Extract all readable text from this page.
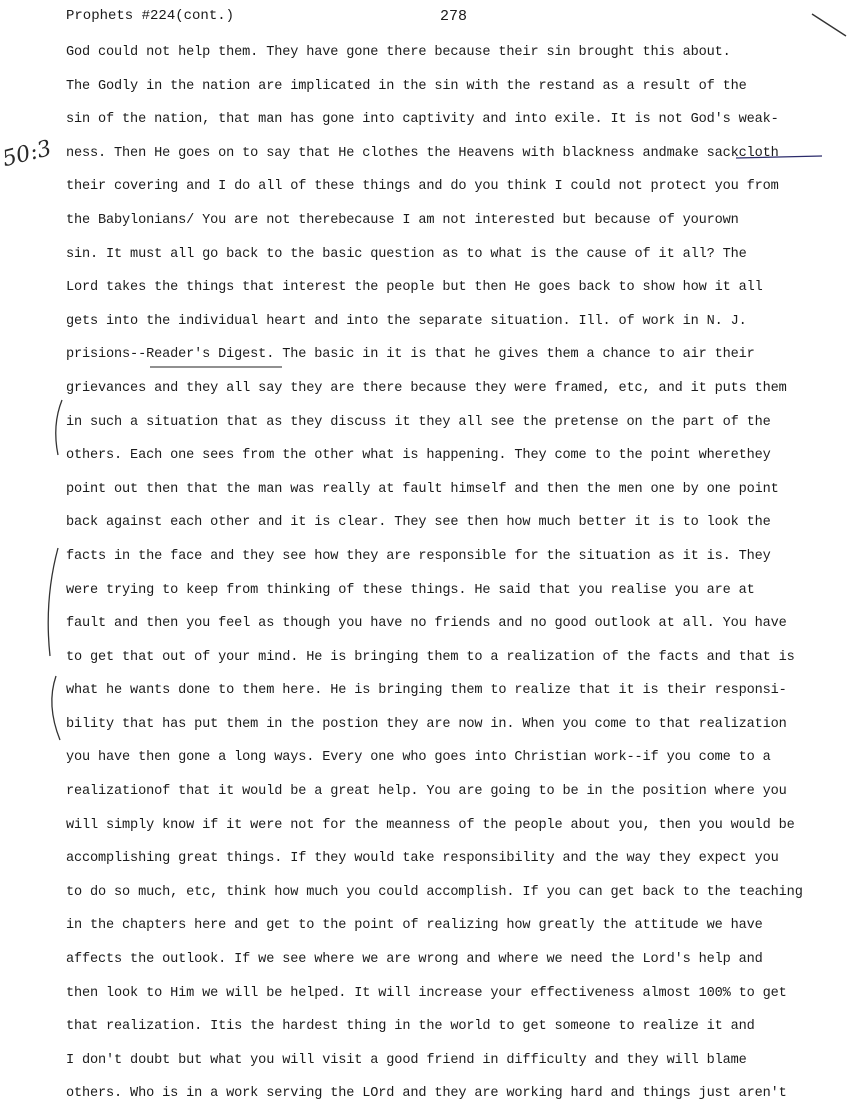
Prophets #224(cont.)	278
50:3
God could not help them. They have gone there because their sin brought this about.
The Godly in the nation are implicated in the sin with the restand as a result of the
sin of the nation, that man has gone into captivity and into exile. It is not God's weak-
ness. Then He goes on to say that He clothes the Heavens with blackness andmake sackcloth
their covering and I do all of these things and do you think I could not protect you from
the Babylonians/ You are not therebecause I am not interested but because of yourown
sin. It must all go back to the basic question as to what is the cause of it all? The
Lord takes the things that interest the people but then He goes back to show how it all
gets into the individual heart and into the separate situation. Ill. of work in N. J.
prisions--Reader's Digest. The basic in it is that he gives them a chance to air their
grievances and they all say they are there because they were framed, etc, and it puts them
in such a situation that as they discuss it they all see the pretense on the part of the
others. Each one sees from the other what is happening. They come to the point wherethey
point out then that the man was really at fault himself and then the men one by one point
back against each other and it is clear. They see then how much better it is to look the
facts in the face and they see how they are responsible for the situation as it is. They
were trying to keep from thinking of these things. He said that you realise you are at
fault and then you feel as though you have no friends and no good outlook at all. You have
to get that out of your mind. He is bringing them to a realization of the facts and that is
what he wants done to them here. He is bringing them to realize that it is their responsi-
bility that has put them in the postion they are now in. When you come to that realization
you have then gone a long ways. Every one who goes into Christian work--if you come to a
realizationof that it would be a great help. You are going to be in the position where you
will simply know if it were not for the meanness of the people about you, then you would be
accomplishing great things. If they would take responsibility and the way they expect you
to do so much, etc, think how much you could accomplish. If you can get back to the teaching
in the chapters here and get to the point of realizing how greatly the attitude we have
affects the outlook. If we see where we are wrong and where we need the Lord's help and
then look to Him we will be helped. It will increase your effectiveness almost 100% to get
that realization. Itis the hardest thing in the world to get someone to realize it and
I don't doubt but what you will visit a good friend in difficulty and they will blame
others. Who is in a work serving the LOrd and they are working hard and things just aren't
